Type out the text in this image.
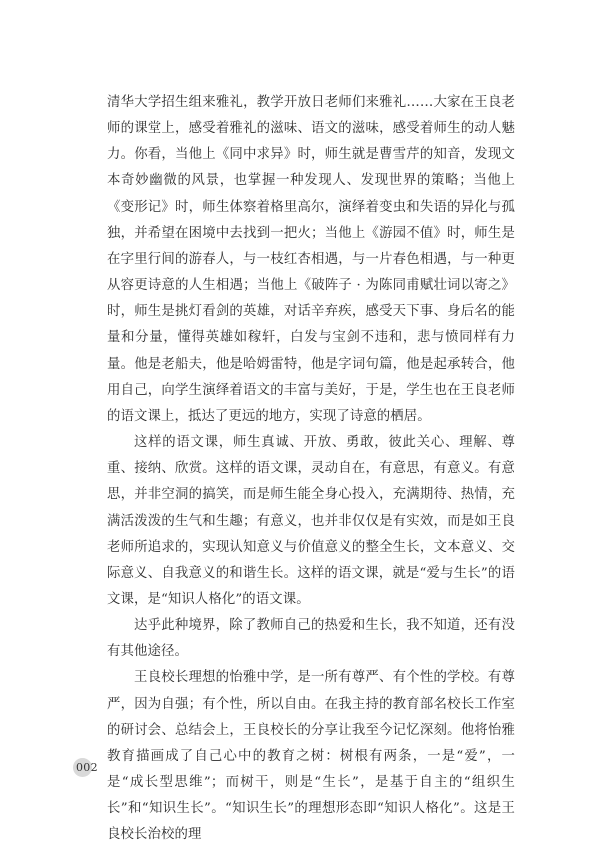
清华大学招生组来雅礼，教学开放日老师们来雅礼……大家在王良老师的课堂上，感受着雅礼的滋味、语文的滋味，感受着师生的动人魅力。你看，当他上《同中求异》时，师生就是曹雪芹的知音，发现文本奇妙幽微的风景，也掌握一种发现人、发现世界的策略；当他上《变形记》时，师生体察着格里高尔，演绎着变虫和失语的异化与孤独，并希望在困境中去找到一把火；当他上《游园不值》时，师生是在字里行间的游春人，与一枝红杏相遇，与一片春色相遇，与一种更从容更诗意的人生相遇；当他上《破阵子 · 为陈同甫赋壮词以寄之》时，师生是挑灯看剑的英雄，对话辛弃疾，感受天下事、身后名的能量和分量，懂得英雄如稼轩，白发与宝剑不违和，悲与愤同样有力量。他是老船夫，他是哈姆雷特，他是字词句篇，他是起承转合，他用自己，向学生演绎着语文的丰富与美好，于是，学生也在王良老师的语文课上，抵达了更远的地方，实现了诗意的栖居。

这样的语文课，师生真诚、开放、勇敢，彼此关心、理解、尊重、接纳、欣赏。这样的语文课，灵动自在，有意思，有意义。有意思，并非空洞的搞笑，而是师生能全身心投入，充满期待、热情，充满活泼泼的生气和生趣；有意义，也并非仅仅是有实效，而是如王良老师所追求的，实现认知意义与价值意义的整全生长，文本意义、交际意义、自我意义的和谐生长。这样的语文课，就是“爱与生长”的语文课，是“知识人格化”的语文课。

达乎此种境界，除了教师自己的热爱和生长，我不知道，还有没有其他途径。

王良校长理想的怡雅中学，是一所有尊严、有个性的学校。有尊严，因为自强；有个性，所以自由。在我主持的教育部名校长工作室的研讨会、总结会上，王良校长的分享让我至今记忆深刻。他将怡雅教育描画成了自己心中的教育之树：树根有两条，一是“爱”，一是“成长型思维”；而树干，则是“生长”，是基于自主的“组织生长”和“知识生长”。“知识生长”的理想形态即“知识人格化”。这是王良校长治校的理

002
